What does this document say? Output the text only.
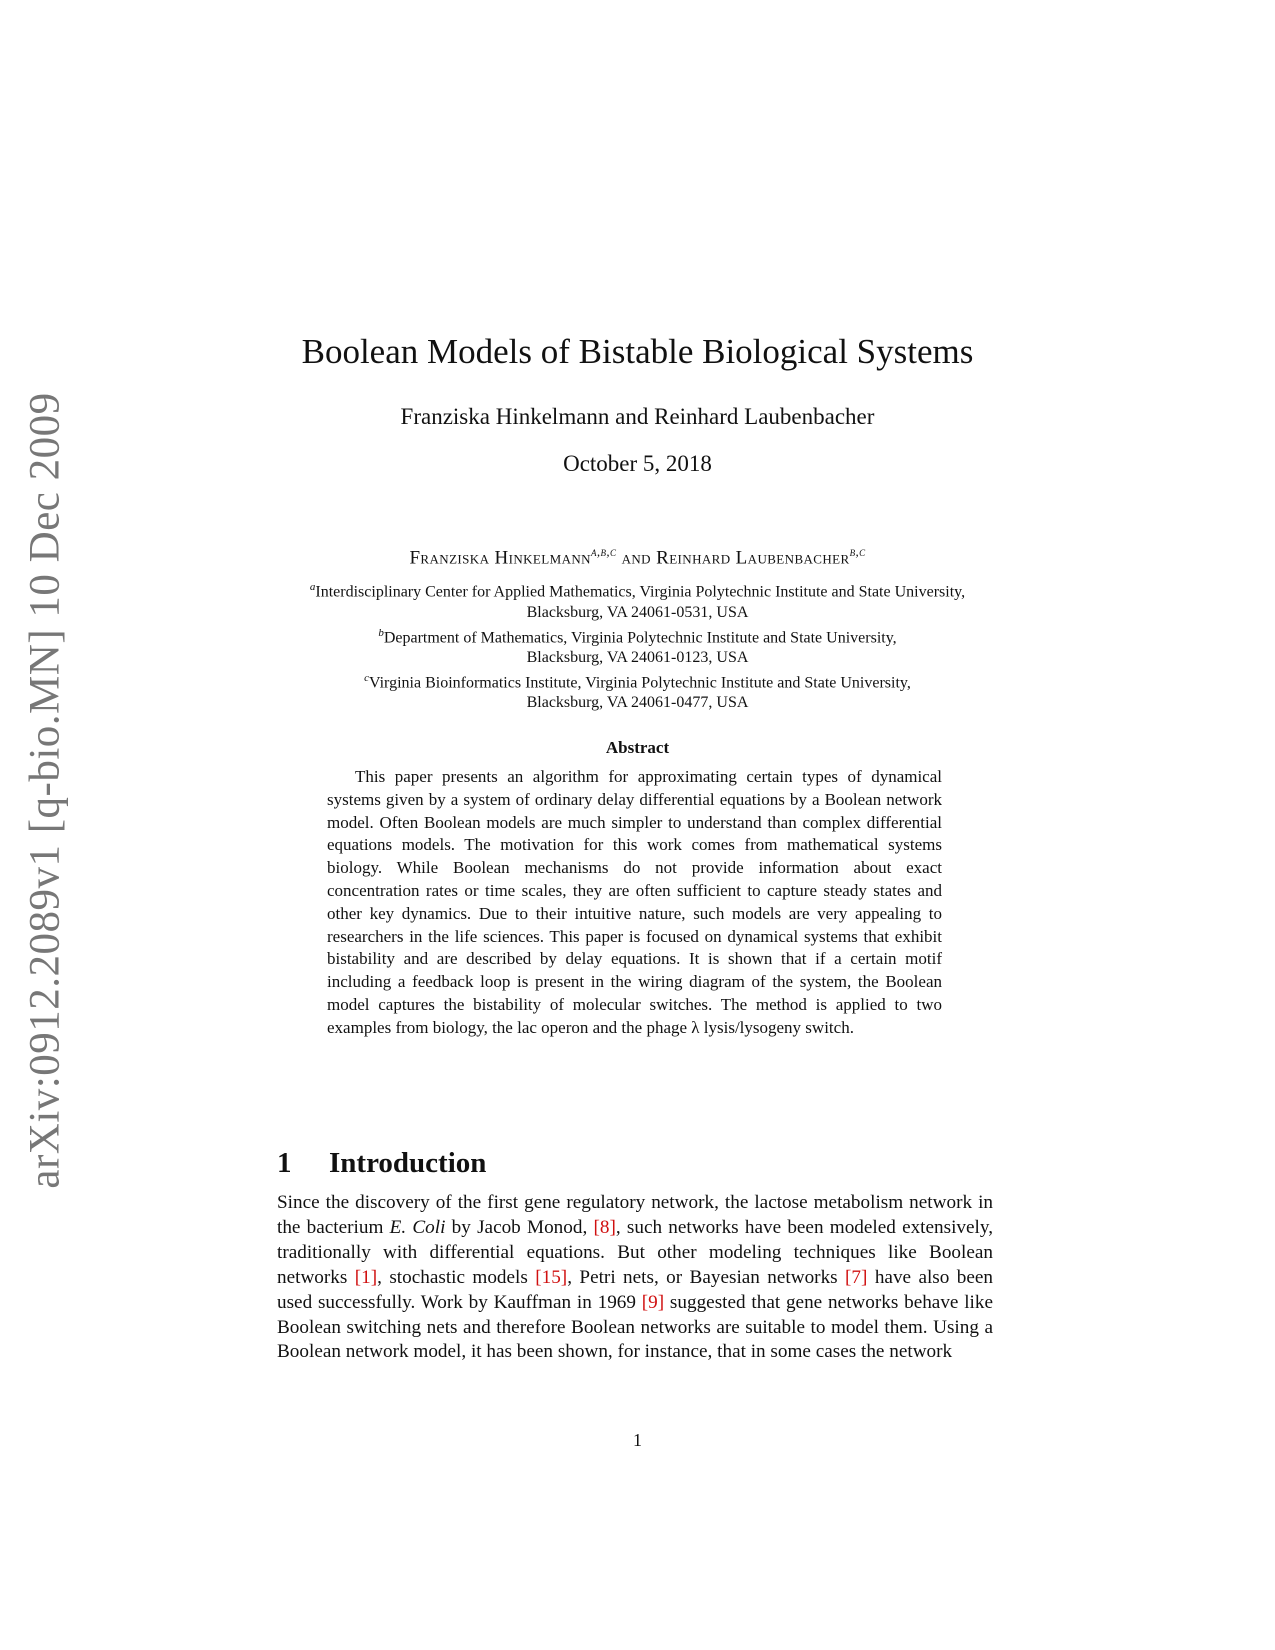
arXiv:0912.2089v1 [q-bio.MN] 10 Dec 2009
Boolean Models of Bistable Biological Systems
Franziska Hinkelmann and Reinhard Laubenbacher
October 5, 2018
Franziska Hinkelmann$^{a,b,c}$ and Reinhard Laubenbacher$^{b,c}$
$^a$Interdisciplinary Center for Applied Mathematics, Virginia Polytechnic Institute and State University,
Blacksburg, VA 24061-0531, USA
$^b$Department of Mathematics, Virginia Polytechnic Institute and State University,
Blacksburg, VA 24061-0123, USA
$^c$Virginia Bioinformatics Institute, Virginia Polytechnic Institute and State University,
Blacksburg, VA 24061-0477, USA
Abstract

This paper presents an algorithm for approximating certain types of dynamical systems given by a system of ordinary delay differential equations by a Boolean network model. Often Boolean models are much simpler to understand than complex differential equations models. The motivation for this work comes from mathematical systems biology. While Boolean mechanisms do not provide information about exact concentration rates or time scales, they are often sufficient to capture steady states and other key dynamics. Due to their intuitive nature, such models are very appealing to researchers in the life sciences. This paper is focused on dynamical systems that exhibit bistability and are described by delay equations. It is shown that if a certain motif including a feedback loop is present in the wiring diagram of the system, the Boolean model captures the bistability of molecular switches. The method is applied to two examples from biology, the lac operon and the phage λ lysis/lysogeny switch.

1 Introduction

Since the discovery of the first gene regulatory network, the lactose metabolism network in the bacterium E. Coli by Jacob Monod, [8], such networks have been modeled extensively, traditionally with differential equations. But other modeling techniques like Boolean networks [1], stochastic models [15], Petri nets, or Bayesian networks [7] have also been used successfully. Work by Kauffman in 1969 [9] suggested that gene networks behave like Boolean switching nets and therefore Boolean networks are suitable to model them. Using a Boolean network model, it has been shown, for instance, that in some cases the network

1
